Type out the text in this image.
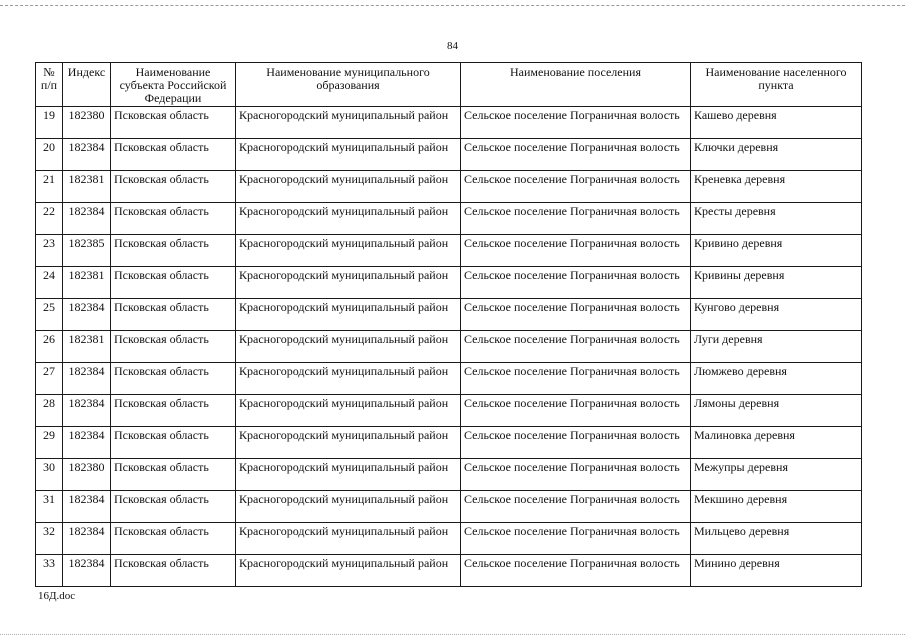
84
№ п/п	Индекс	Наименование субъекта Российской Федерации	Наименование муниципального образования	Наименование поселения	Наименование населенного пункта
19	182380	Псковская область	Красногородский муниципальный район	Сельское поселение Пограничная волость	Кашево деревня
20	182384	Псковская область	Красногородский муниципальный район	Сельское поселение Пограничная волость	Ключки деревня
21	182381	Псковская область	Красногородский муниципальный район	Сельское поселение Пограничная волость	Креневка деревня
22	182384	Псковская область	Красногородский муниципальный район	Сельское поселение Пограничная волость	Кресты деревня
23	182385	Псковская область	Красногородский муниципальный район	Сельское поселение Пограничная волость	Кривино деревня
24	182381	Псковская область	Красногородский муниципальный район	Сельское поселение Пограничная волость	Кривины деревня
25	182384	Псковская область	Красногородский муниципальный район	Сельское поселение Пограничная волость	Кунгово деревня
26	182381	Псковская область	Красногородский муниципальный район	Сельское поселение Пограничная волость	Луги деревня
27	182384	Псковская область	Красногородский муниципальный район	Сельское поселение Пограничная волость	Люмжево деревня
28	182384	Псковская область	Красногородский муниципальный район	Сельское поселение Пограничная волость	Лямоны деревня
29	182384	Псковская область	Красногородский муниципальный район	Сельское поселение Пограничная волость	Малиновка деревня
30	182380	Псковская область	Красногородский муниципальный район	Сельское поселение Пограничная волость	Межупры деревня
31	182384	Псковская область	Красногородский муниципальный район	Сельское поселение Пограничная волость	Мекшино деревня
32	182384	Псковская область	Красногородский муниципальный район	Сельское поселение Пограничная волость	Мильцево деревня
33	182384	Псковская область	Красногородский муниципальный район	Сельское поселение Пограничная волость	Минино деревня
16Д.doc
